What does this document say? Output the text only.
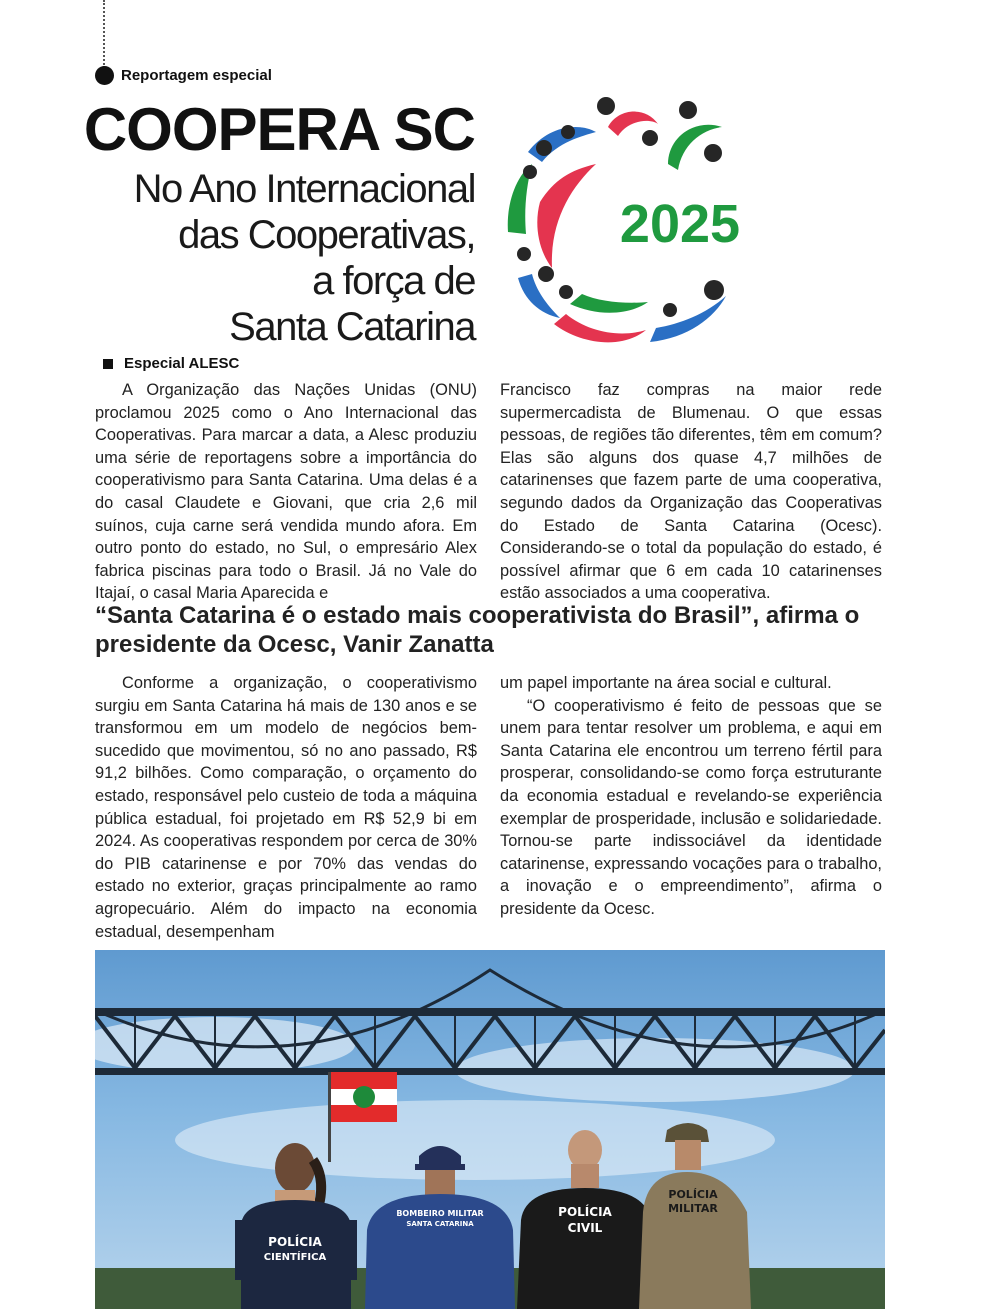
Reportagem especial
COOPERA SC
No Ano Internacional
das Cooperativas,
a força de
Santa Catarina
2025
Especial ALESC

A Organização das Nações Unidas (ONU) proclamou 2025 como o Ano Internacional das Cooperativas. Para marcar a data, a Alesc produziu uma série de reportagens sobre a importância do cooperativismo para Santa Catarina. Uma delas é a do casal Claudete e Giovani, que cria 2,6 mil suínos, cuja carne será vendida mundo afora. Em outro ponto do estado, no Sul, o empresário Alex fabrica piscinas para todo o Brasil. Já no Vale do Itajaí, o casal Maria Aparecida e

Francisco faz compras na maior rede supermercadista de Blumenau. O que essas pessoas, de regiões tão diferentes, têm em comum? Elas são alguns dos quase 4,7 milhões de catarinenses que fazem parte de uma cooperativa, segundo dados da Organização das Cooperativas do Estado de Santa Catarina (Ocesc). Considerando-se o total da população do estado, é possível afirmar que 6 em cada 10 catarinenses estão associados a uma cooperativa.

“Santa Catarina é o estado mais cooperativista do Brasil”, afirma o presidente da Ocesc, Vanir Zanatta

Conforme a organização, o cooperativismo surgiu em Santa Catarina há mais de 130 anos e se transformou em um modelo de negócios bem-sucedido que movimentou, só no ano passado, R$ 91,2 bilhões. Como comparação, o orçamento do estado, responsável pelo custeio de toda a máquina pública estadual, foi projetado em R$ 52,9 bi em 2024. As cooperativas respondem por cerca de 30% do PIB catarinense e por 70% das vendas do estado no exterior, graças principalmente ao ramo agropecuário. Além do impacto na economia estadual, desempenham

um papel importante na área social e cultural.

“O cooperativismo é feito de pessoas que se unem para tentar resolver um problema, e aqui em Santa Catarina ele encontrou um terreno fértil para prosperar, consolidando-se como força estruturante da economia estadual e revelando-se experiência exemplar de prosperidade, inclusão e solidariedade. Tornou-se parte indissociável da identidade catarinense, expressando vocações para o trabalho, a inovação e o empreendimento”, afirma o presidente da Ocesc.

POLÍCIA
CIENTÍFICA
BOMBEIRO MILITAR
SANTA CATARINA
POLÍCIA
CIVIL
POLÍCIA
MILITAR
